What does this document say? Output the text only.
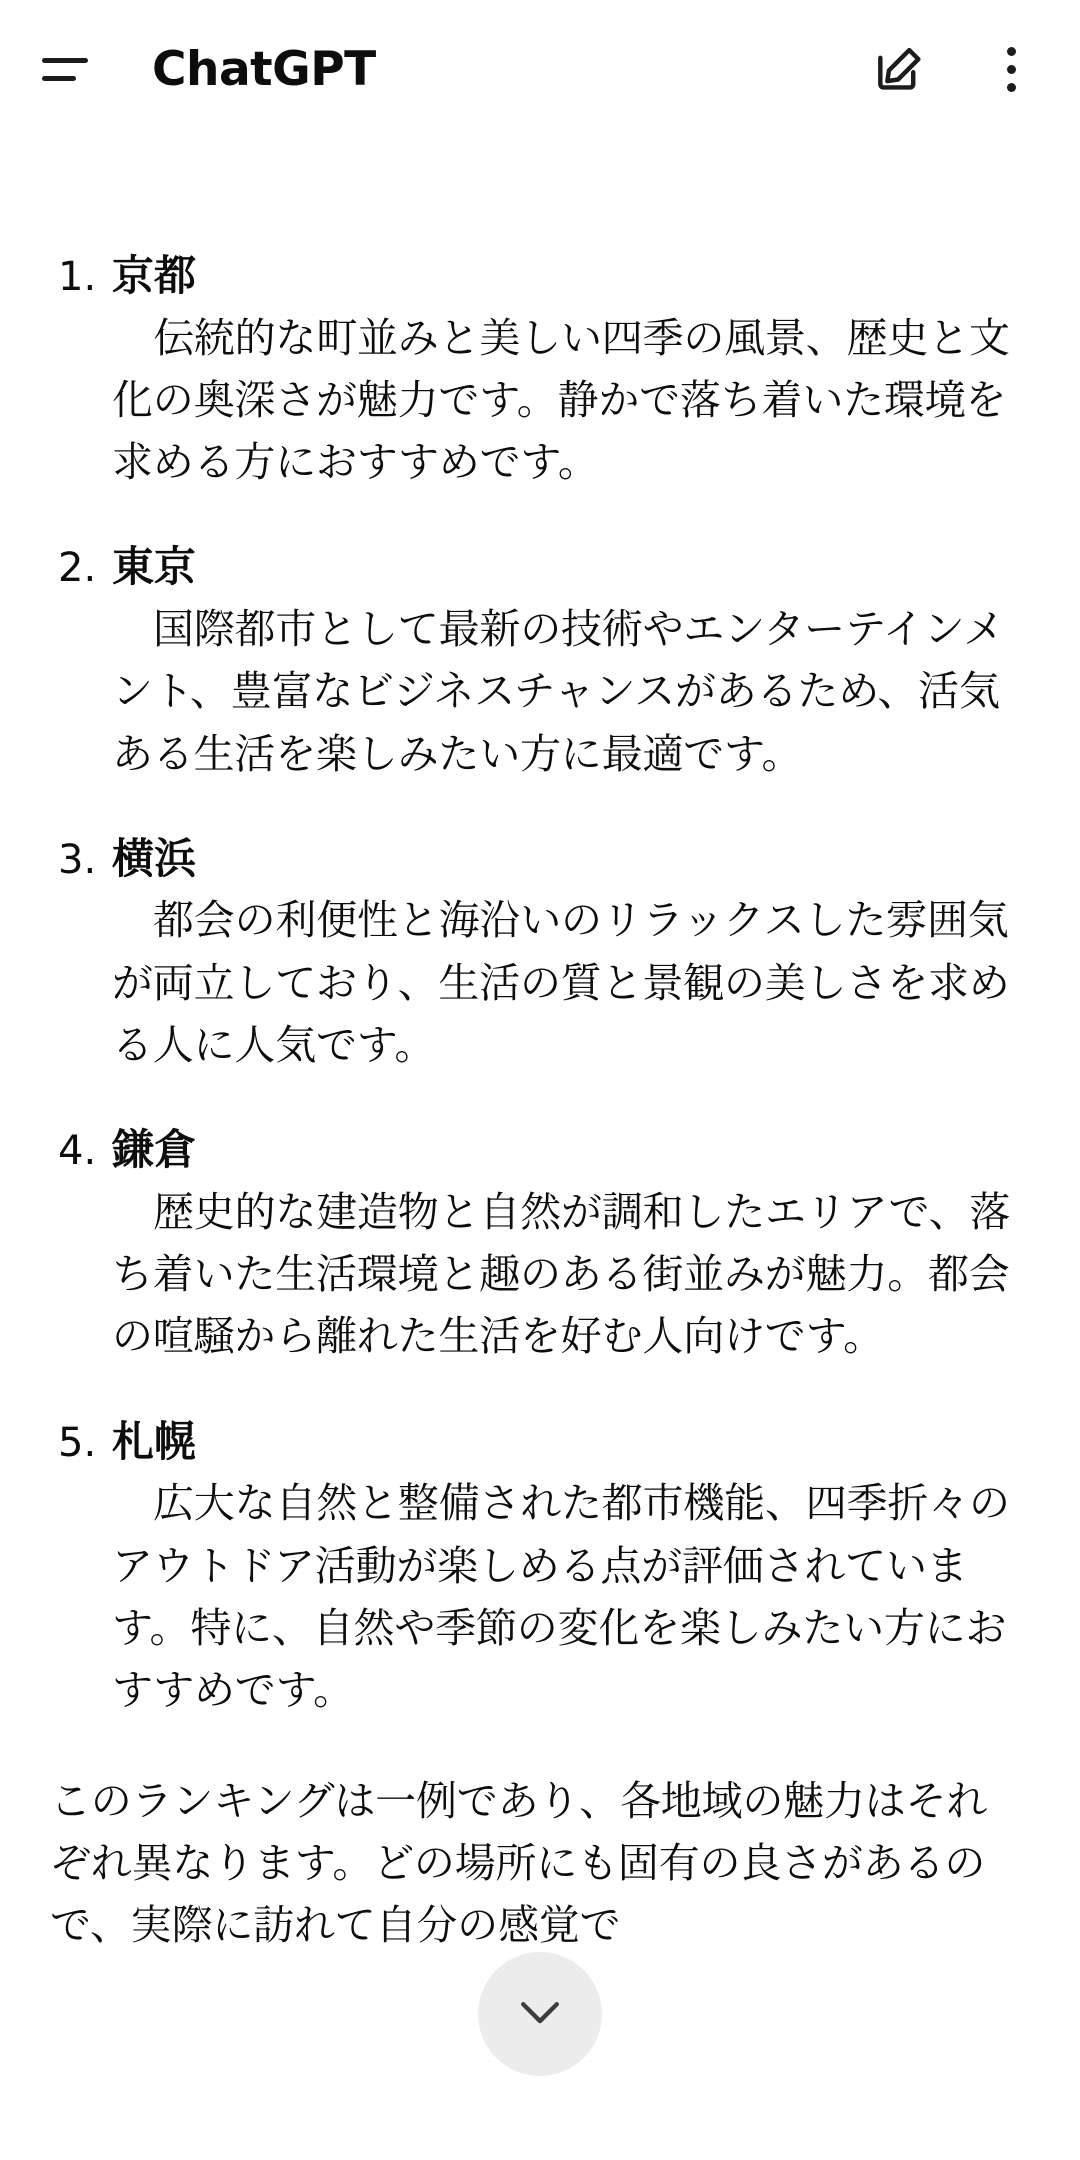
ChatGPT
京都
伝統的な町並みと美しい四季の風景、歴史と文化の奥深さが魅力です。静かで落ち着いた環境を求める方におすすめです。
東京
国際都市として最新の技術やエンターテインメント、豊富なビジネスチャンスがあるため、活気ある生活を楽しみたい方に最適です。
横浜
都会の利便性と海沿いのリラックスした雰囲気が両立しており、生活の質と景観の美しさを求める人に人気です。
鎌倉
歴史的な建造物と自然が調和したエリアで、落ち着いた生活環境と趣のある街並みが魅力。都会の喧騒から離れた生活を好む人向けです。
札幌
広大な自然と整備された都市機能、四季折々のアウトドア活動が楽しめる点が評価されています。特に、自然や季節の変化を楽しみたい方におすすめです。

このランキングは一例であり、各地域の魅力はそれぞれ異なります。どの場所にも固有の良さがあるので、実際に訪れて自分の感覚で
